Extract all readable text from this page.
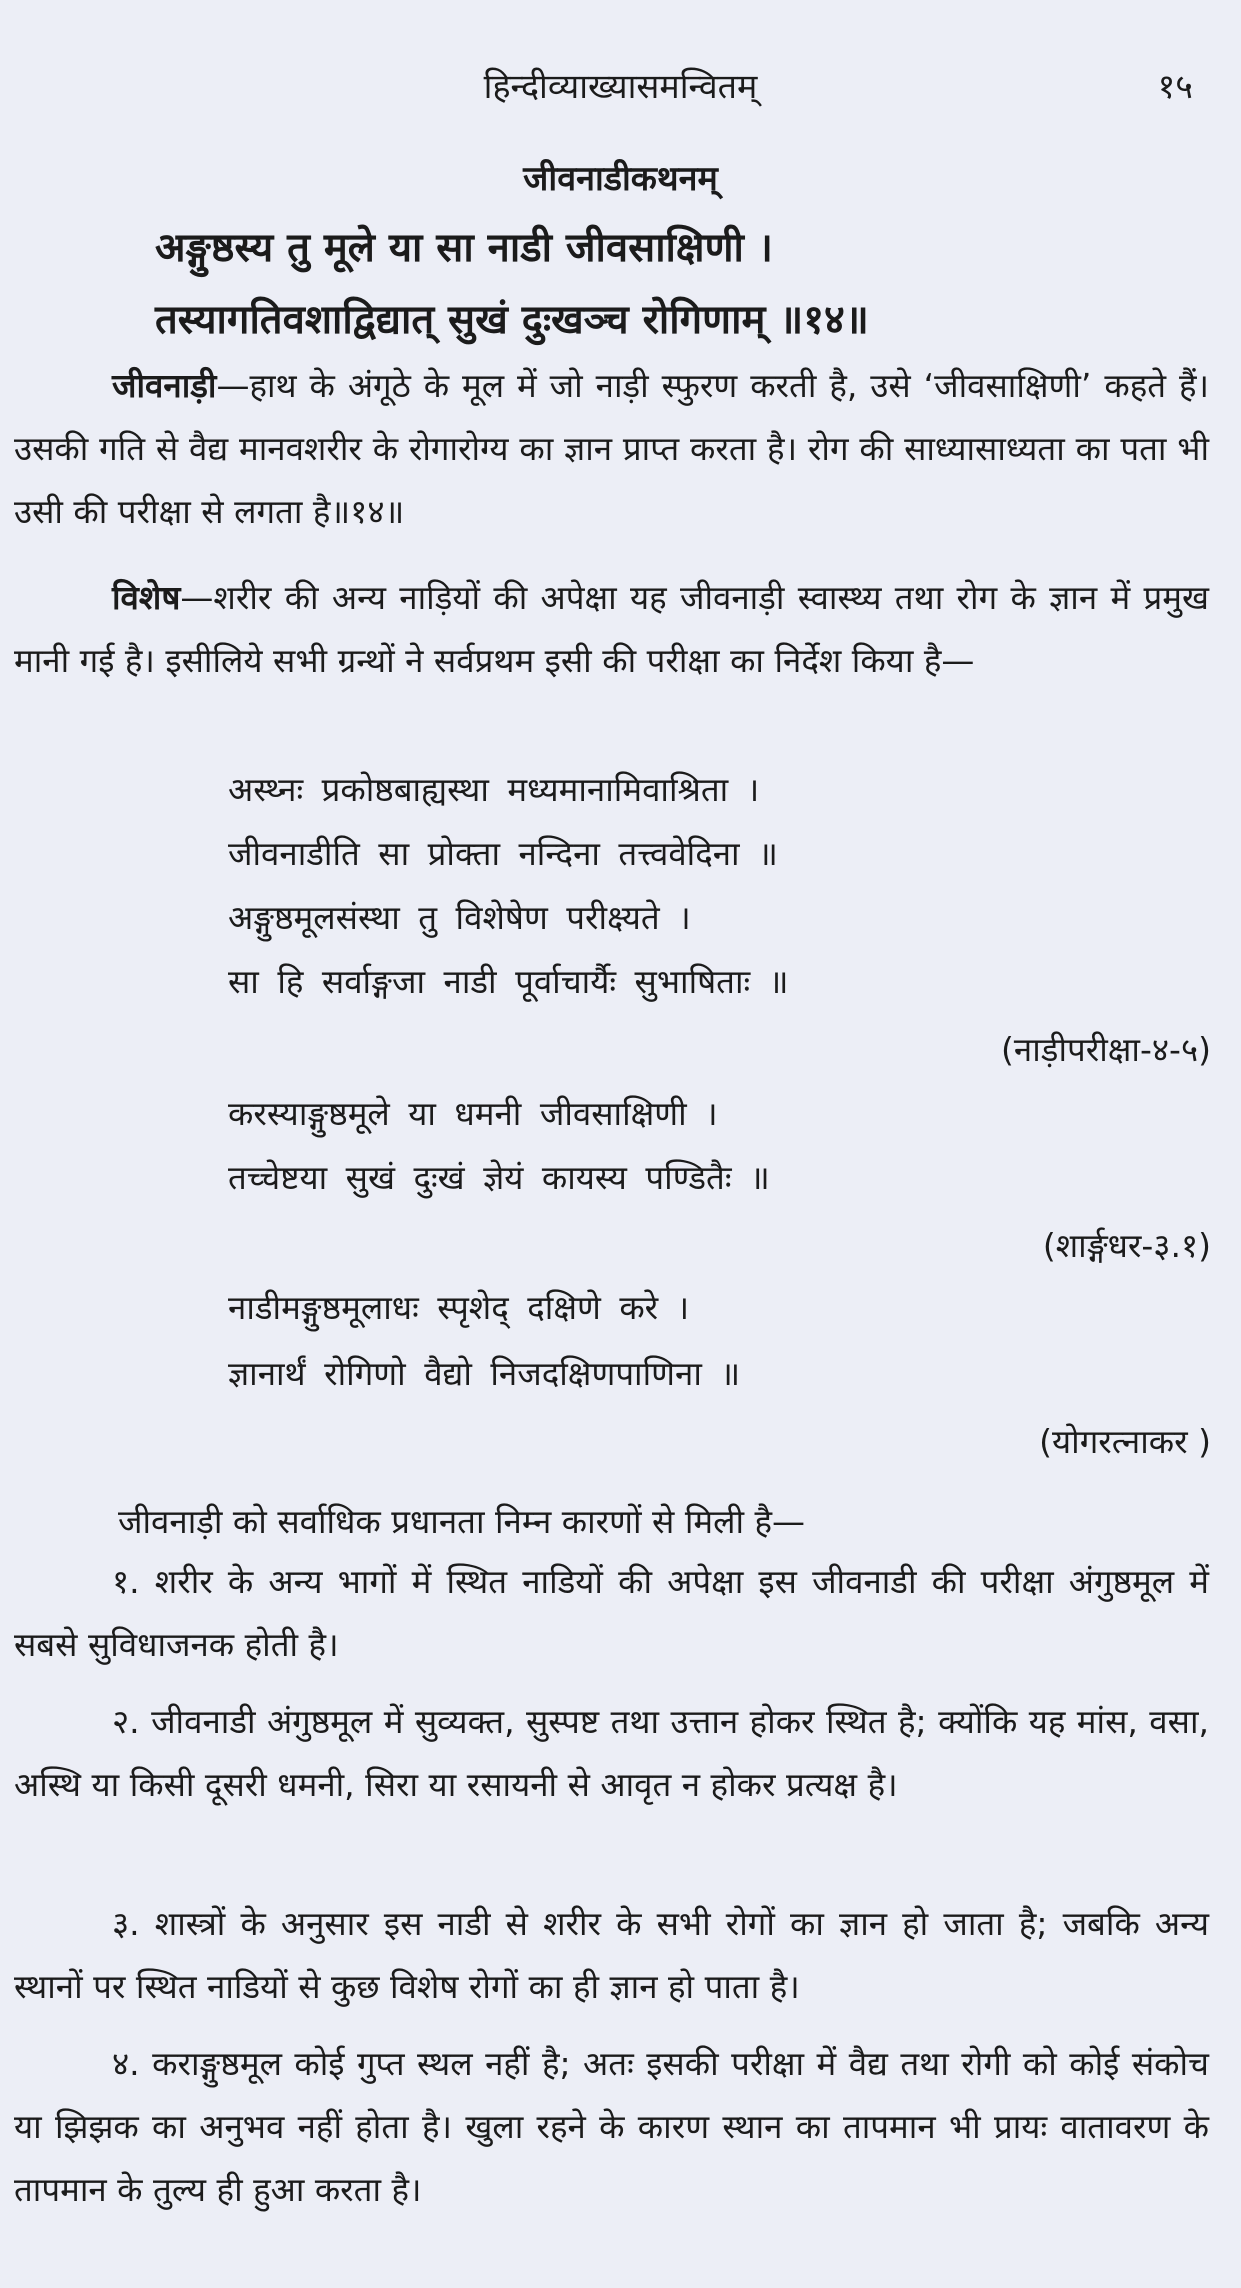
हिन्दीव्याख्यासमन्वितम्	१५
जीवनाडीकथनम्
अङ्गुष्ठस्य तु मूले या सा नाडी जीवसाक्षिणी ।
तस्यागतिवशाद्विद्यात् सुखं दुःखञ्च रोगिणाम् ॥१४॥
जीवनाड़ी—हाथ के अंगूठे के मूल में जो नाड़ी स्फुरण करती है, उसे ‘जीवसाक्षिणी’ कहते हैं। उसकी गति से वैद्य मानवशरीर के रोगारोग्य का ज्ञान प्राप्त करता है। रोग की साध्यासाध्यता का पता भी उसी की परीक्षा से लगता है॥१४॥
विशेष—शरीर की अन्य नाड़ियों की अपेक्षा यह जीवनाड़ी स्वास्थ्य तथा रोग के ज्ञान में प्रमुख मानी गई है। इसीलिये सभी ग्रन्थों ने सर्वप्रथम इसी की परीक्षा का निर्देश किया है—
अस्थ्नः प्रकोष्ठबाह्यस्था मध्यमानामिवाश्रिता ।
जीवनाडीति सा प्रोक्ता नन्दिना तत्त्ववेदिना ॥
अङ्गुष्ठमूलसंस्था तु विशेषेण परीक्ष्यते ।
सा हि सर्वाङ्गजा नाडी पूर्वाचार्यैः सुभाषिताः ॥
(नाड़ीपरीक्षा-४-५)
करस्याङ्गुष्ठमूले या धमनी जीवसाक्षिणी ।
तच्चेष्टया सुखं दुःखं ज्ञेयं कायस्य पण्डितैः ॥
(शार्ङ्गधर-३.१)
नाडीमङ्गुष्ठमूलाधः स्पृशेद् दक्षिणे करे ।
ज्ञानार्थं रोगिणो वैद्यो निजदक्षिणपाणिना ॥
(योगरत्नाकर )
जीवनाड़ी को सर्वाधिक प्रधानता निम्न कारणों से मिली है—
१. शरीर के अन्य भागों में स्थित नाडियों की अपेक्षा इस जीवनाडी की परीक्षा अंगुष्ठमूल में सबसे सुविधाजनक होती है।
२. जीवनाडी अंगुष्ठमूल में सुव्यक्त, सुस्पष्ट तथा उत्तान होकर स्थित है; क्योंकि यह मांस, वसा, अस्थि या किसी दूसरी धमनी, सिरा या रसायनी से आवृत न होकर प्रत्यक्ष है।
३. शास्त्रों के अनुसार इस नाडी से शरीर के सभी रोगों का ज्ञान हो जाता है; जबकि अन्य स्थानों पर स्थित नाडियों से कुछ विशेष रोगों का ही ज्ञान हो पाता है।
४. कराङ्गुष्ठमूल कोई गुप्त स्थल नहीं है; अतः इसकी परीक्षा में वैद्य तथा रोगी को कोई संकोच या झिझक का अनुभव नहीं होता है। खुला रहने के कारण स्थान का तापमान भी प्रायः वातावरण के तापमान के तुल्य ही हुआ करता है।
